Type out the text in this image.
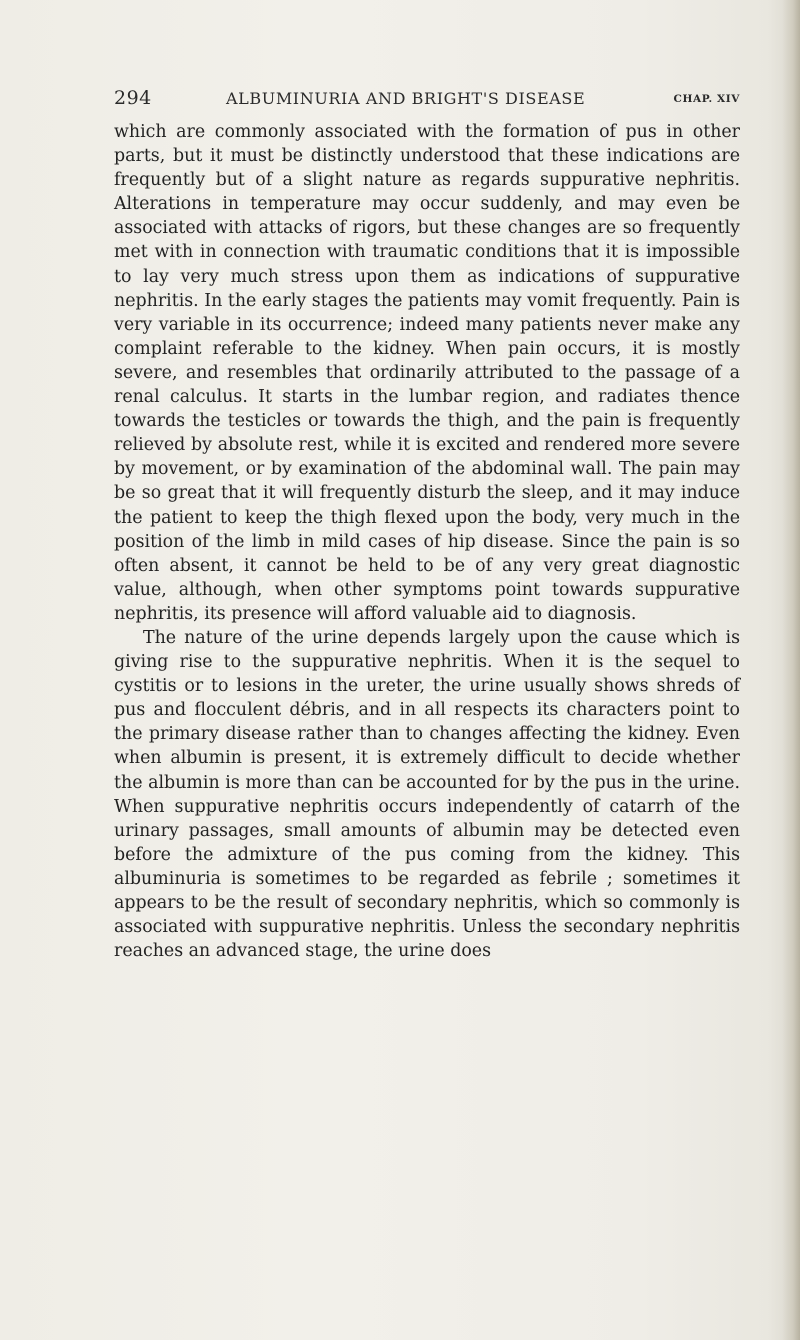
294	ALBUMINURIA AND BRIGHT'S DISEASE	CHAP. XIV

which are commonly associated with the formation of pus in other parts, but it must be distinctly understood that these indications are frequently but of a slight nature as regards suppurative nephritis. Alterations in temperature may occur suddenly, and may even be associated with attacks of rigors, but these changes are so frequently met with in connection with traumatic conditions that it is impossible to lay very much stress upon them as indications of suppurative nephritis. In the early stages the patients may vomit frequently. Pain is very variable in its occurrence; indeed many patients never make any complaint referable to the kidney. When pain occurs, it is mostly severe, and resembles that ordinarily attributed to the passage of a renal calculus. It starts in the lumbar region, and radiates thence towards the testicles or towards the thigh, and the pain is frequently relieved by absolute rest, while it is excited and rendered more severe by movement, or by examination of the abdominal wall. The pain may be so great that it will frequently disturb the sleep, and it may induce the patient to keep the thigh flexed upon the body, very much in the position of the limb in mild cases of hip disease. Since the pain is so often absent, it cannot be held to be of any very great diagnostic value, although, when other symptoms point towards suppurative nephritis, its presence will afford valuable aid to diagnosis.

The nature of the urine depends largely upon the cause which is giving rise to the suppurative nephritis. When it is the sequel to cystitis or to lesions in the ureter, the urine usually shows shreds of pus and flocculent débris, and in all respects its characters point to the primary disease rather than to changes affecting the kidney. Even when albumin is present, it is extremely difficult to decide whether the albumin is more than can be accounted for by the pus in the urine. When suppurative nephritis occurs independently of catarrh of the urinary passages, small amounts of albumin may be detected even before the admixture of the pus coming from the kidney. This albuminuria is sometimes to be regarded as febrile ; sometimes it appears to be the result of secondary nephritis, which so commonly is associated with suppurative nephritis. Unless the secondary nephritis reaches an advanced stage, the urine does
